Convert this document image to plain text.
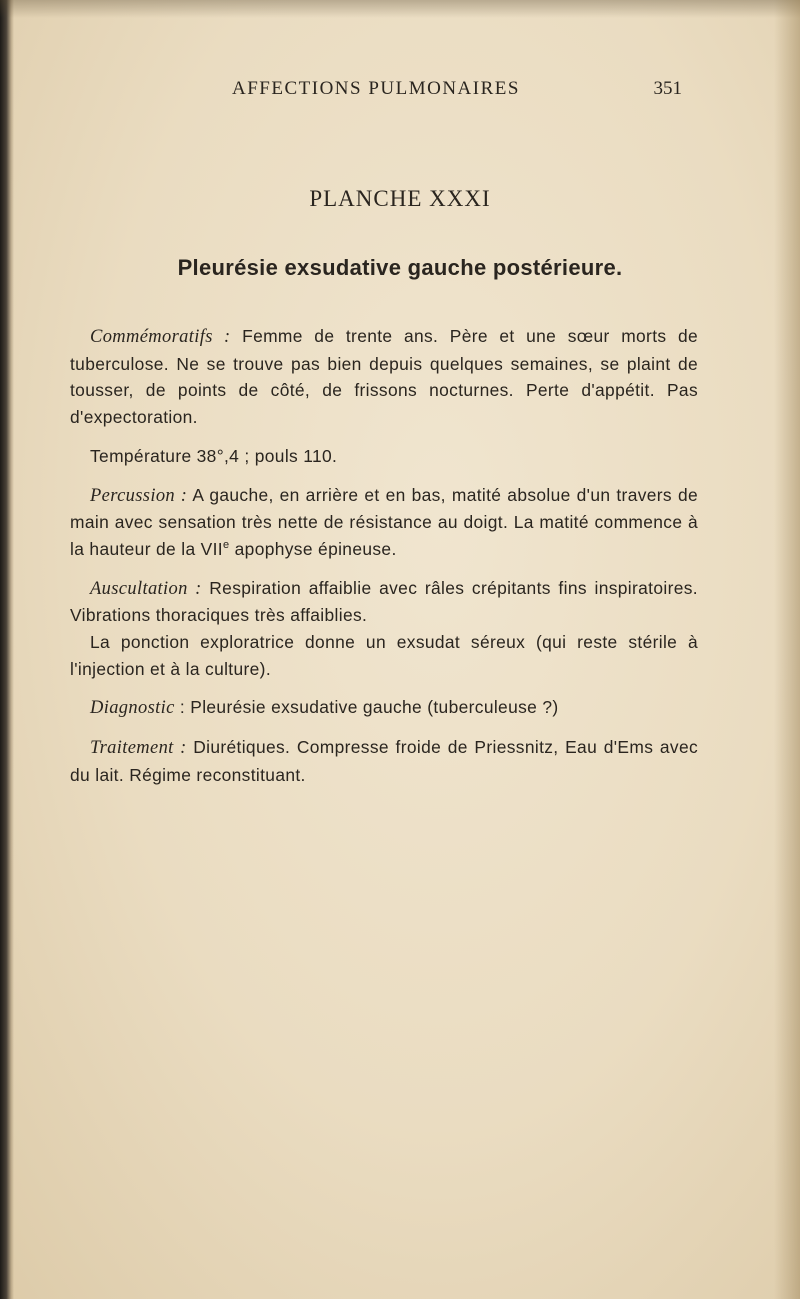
AFFECTIONS PULMONAIRES	351
PLANCHE XXXI
Pleurésie exsudative gauche postérieure.

Commémoratifs : Femme de trente ans. Père et une sœur morts de tuberculose. Ne se trouve pas bien depuis quelques semaines, se plaint de tousser, de points de côté, de frissons nocturnes. Perte d'appétit. Pas d'expectoration.

Température 38°,4 ; pouls 110.

Percussion : A gauche, en arrière et en bas, matité absolue d'un travers de main avec sensation très nette de résistance au doigt. La matité commence à la hauteur de la VIIe apophyse épineuse.

Auscultation : Respiration affaiblie avec râles crépitants fins inspiratoires. Vibrations thoraciques très affaiblies.

La ponction exploratrice donne un exsudat séreux (qui reste stérile à l'injection et à la culture).

Diagnostic : Pleurésie exsudative gauche (tuberculeuse ?)

Traitement : Diurétiques. Compresse froide de Priessnitz, Eau d'Ems avec du lait. Régime reconstituant.
